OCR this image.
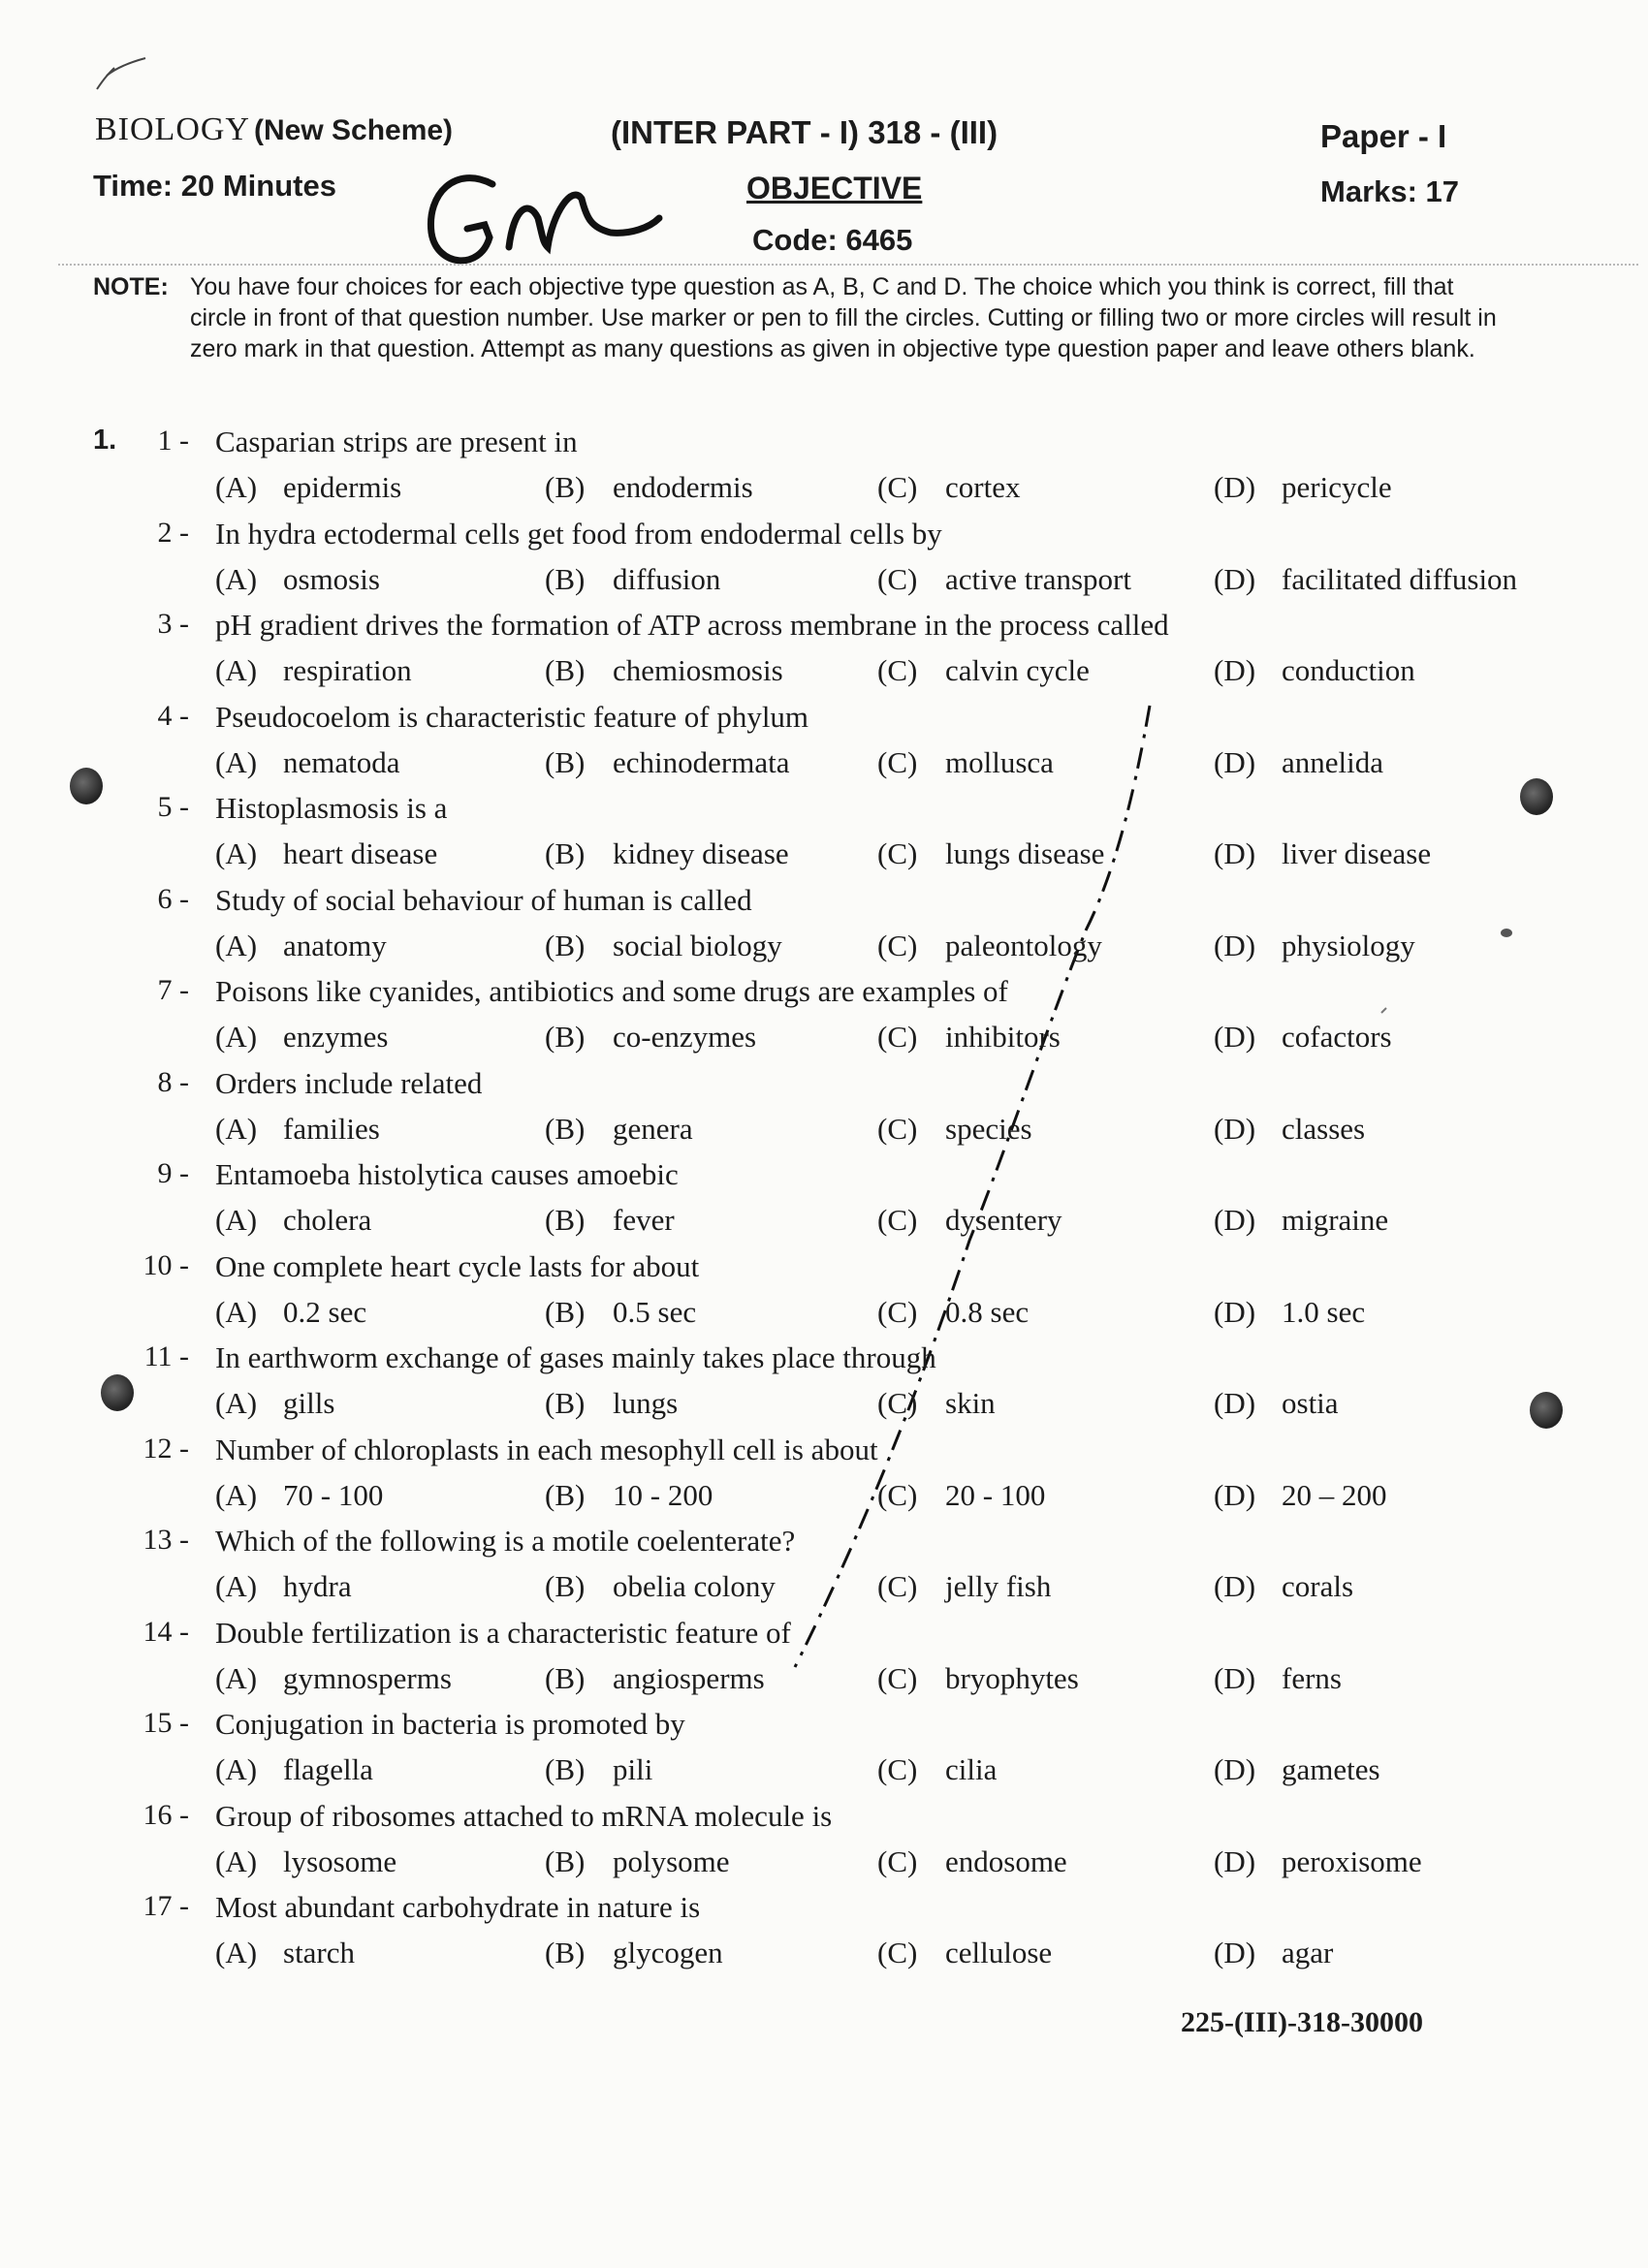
BIOLOGY (New Scheme)	(INTER PART - I) 318 - (III)	Paper - I
Time: 20 Minutes	OBJECTIVE	Marks: 17
Code: 6465
NOTE: You have four choices for each objective type question as A, B, C and D. The choice which you think is correct, fill that circle in front of that question number. Use marker or pen to fill the circles. Cutting or filling two or more circles will result in zero mark in that question. Attempt as many questions as given in objective type question paper and leave others blank.
1. 1 - Casparian strips are present in
(A) epidermis	(B) endodermis	(C) cortex	(D) pericycle
2 - In hydra ectodermal cells get food from endodermal cells by
(A) osmosis	(B) diffusion	(C) active transport	(D) facilitated diffusion
3 - pH gradient drives the formation of ATP across membrane in the process called
(A) respiration	(B) chemiosmosis	(C) calvin cycle	(D) conduction
4 - Pseudocoelom is characteristic feature of phylum
(A) nematoda	(B) echinodermata	(C) mollusca	(D) annelida
5 - Histoplasmosis is a
(A) heart disease	(B) kidney disease	(C) lungs disease	(D) liver disease
6 - Study of social behaviour of human is called
(A) anatomy	(B) social biology	(C) paleontology	(D) physiology
7 - Poisons like cyanides, antibiotics and some drugs are examples of
(A) enzymes	(B) co-enzymes	(C) inhibitors	(D) cofactors
8 - Orders include related
(A) families	(B) genera	(C) species	(D) classes
9 - Entamoeba histolytica causes amoebic
(A) cholera	(B) fever	(C) dysentery	(D) migraine
10 - One complete heart cycle lasts for about
(A) 0.2 sec	(B) 0.5 sec	(C) 0.8 sec	(D) 1.0 sec
11 - In earthworm exchange of gases mainly takes place through
(A) gills	(B) lungs	(C) skin	(D) ostia
12 - Number of chloroplasts in each mesophyll cell is about
(A) 70 - 100	(B) 10 - 200	(C) 20 - 100	(D) 20 – 200
13 - Which of the following is a motile coelenterate?
(A) hydra	(B) obelia colony	(C) jelly fish	(D) corals
14 - Double fertilization is a characteristic feature of
(A) gymnosperms	(B) angiosperms	(C) bryophytes	(D) ferns
15 - Conjugation in bacteria is promoted by
(A) flagella	(B) pili	(C) cilia	(D) gametes
16 - Group of ribosomes attached to mRNA molecule is
(A) lysosome	(B) polysome	(C) endosome	(D) peroxisome
17 - Most abundant carbohydrate in nature is
(A) starch	(B) glycogen	(C) cellulose	(D) agar
225-(III)-318-30000
